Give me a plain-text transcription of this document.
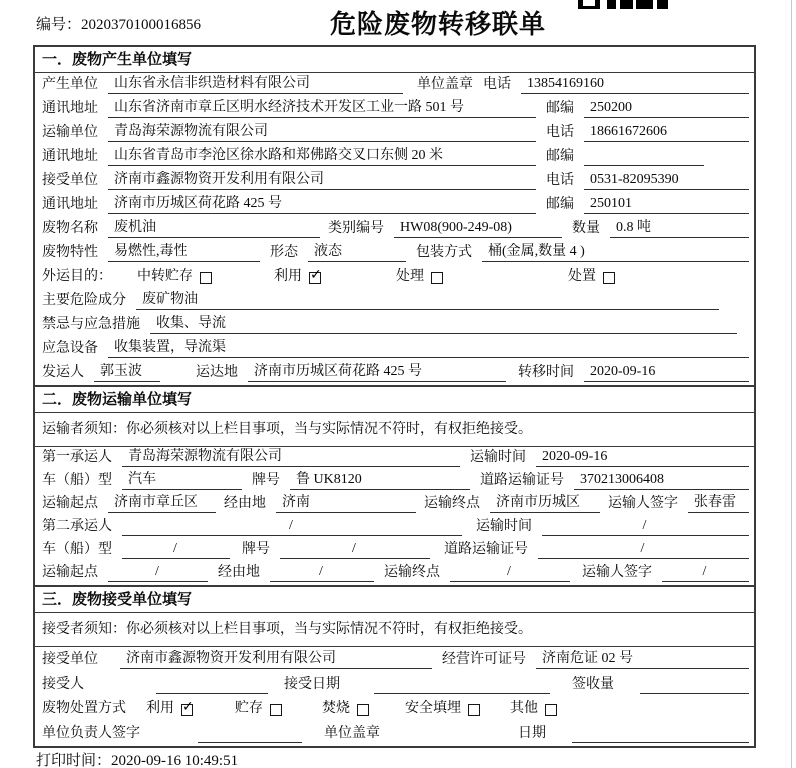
编号：2020370100016856	危险废物转移联单
一．废物产生单位填写
产生单位	山东省永信非织造材料有限公司	单位盖章 电话	13854169160
通讯地址	山东省济南市章丘区明水经济技术开发区工业一路 501 号	邮编	250200
运输单位	青岛海荣源物流有限公司	电话	18661672606
通讯地址	山东省青岛市李沧区徐水路和郑佛路交叉口东侧 20 米	邮编
接受单位	济南市鑫源物资开发利用有限公司	电话	0531-82095390
通讯地址	济南市历城区荷花路 425 号	邮编	250101
废物名称	废机油	类别编号	HW08(900-249-08)	数量	0.8 吨
废物特性	易燃性,毒性	形态	液态	包装方式	桶(金属,数量 4 )
外运目的： 中转贮存	利用 ✓	处理	处置
主要危险成分	废矿物油
禁忌与应急措施	收集、导流
应急设备	收集装置，导流渠
发运人	郭玉波	运达地	济南市历城区荷花路 425 号	转移时间	2020-09-16
二．废物运输单位填写
运输者须知：你必须核对以上栏目事项，当与实际情况不符时，有权拒绝接受。
第一承运人	青岛海荣源物流有限公司	运输时间	2020-09-16
车（船）型	汽车	牌号	鲁 UK8120	道路运输证号	370213006408
运输起点	济南市章丘区	经由地	济南	运输终点	济南市历城区	运输人签字	张春雷
第二承运人	/	运输时间	/
车（船）型	/	牌号	/	道路运输证号	/
运输起点	/	经由地	/	运输终点	/	运输人签字	/
三．废物接受单位填写
接受者须知：你必须核对以上栏目事项，当与实际情况不符时，有权拒绝接受。
接受单位	济南市鑫源物资开发利用有限公司	经营许可证号	济南危证 02 号
接受人	接受日期	签收量
废物处置方式 利用 ✓	贮存	焚烧	安全填埋	其他
单位负责人签字	单位盖章	日期
打印时间：2020-09-16 10:49:51
